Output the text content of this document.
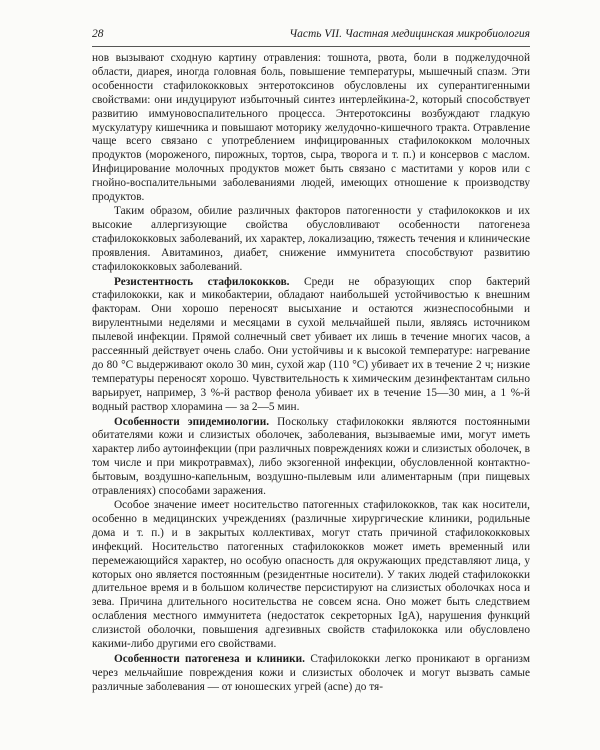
28	Часть VII. Частная медицинская микробиология

нов вызывают сходную картину отравления: тошнота, рвота, боли в поджелудочной области, диарея, иногда головная боль, повышение температуры, мышечный спазм. Эти особенности стафилококковых энтеротоксинов обусловлены их суперантигенными свойствами: они индуцируют избыточный синтез интерлейкина-2, который способствует развитию иммуновоспалительного процесса. Энтеротоксины возбуждают гладкую мускулатуру кишечника и повышают моторику желудочно-кишечного тракта. Отравление чаще всего связано с употреблением инфицированных стафилококком молочных продуктов (мороженого, пирожных, тортов, сыра, творога и т. п.) и консервов с маслом. Инфицирование молочных продуктов может быть связано с маститами у коров или с гнойно-воспалительными заболеваниями людей, имеющих отношение к производству продуктов.

Таким образом, обилие различных факторов патогенности у стафилококков и их высокие аллергизующие свойства обусловливают особенности патогенеза стафилококковых заболеваний, их характер, локализацию, тяжесть течения и клинические проявления. Авитаминоз, диабет, снижение иммунитета способствуют развитию стафилококковых заболеваний.

Резистентность стафилококков. Среди не образующих спор бактерий стафилококки, как и микобактерии, обладают наибольшей устойчивостью к внешним факторам. Они хорошо переносят высыхание и остаются жизнеспособными и вирулентными неделями и месяцами в сухой мельчайшей пыли, являясь источником пылевой инфекции. Прямой солнечный свет убивает их лишь в течение многих часов, а рассеянный действует очень слабо. Они устойчивы и к высокой температуре: нагревание до 80 °С выдерживают около 30 мин, сухой жар (110 °С) убивает их в течение 2 ч; низкие температуры переносят хорошо. Чувствительность к химическим дезинфектантам сильно варьирует, например, 3 %-й раствор фенола убивает их в течение 15—30 мин, а 1 %-й водный раствор хлорамина — за 2—5 мин.

Особенности эпидемиологии. Поскольку стафилококки являются постоянными обитателями кожи и слизистых оболочек, заболевания, вызываемые ими, могут иметь характер либо аутоинфекции (при различных повреждениях кожи и слизистых оболочек, в том числе и при микротравмах), либо экзогенной инфекции, обусловленной контактно-бытовым, воздушно-капельным, воздушно-пылевым или алиментарным (при пищевых отравлениях) способами заражения.

Особое значение имеет носительство патогенных стафилококков, так как носители, особенно в медицинских учреждениях (различные хирургические клиники, родильные дома и т. п.) и в закрытых коллективах, могут стать причиной стафилококковых инфекций. Носительство патогенных стафилококков может иметь временный или перемежающийся характер, но особую опасность для окружающих представляют лица, у которых оно является постоянным (резидентные носители). У таких людей стафилококки длительное время и в большом количестве персистируют на слизистых оболочках носа и зева. Причина длительного носительства не совсем ясна. Оно может быть следствием ослабления местного иммунитета (недостаток секреторных IgA), нарушения функций слизистой оболочки, повышения адгезивных свойств стафилококка или обусловлено какими-либо другими его свойствами.

Особенности патогенеза и клиники. Стафилококки легко проникают в организм через мельчайшие повреждения кожи и слизистых оболочек и могут вызвать самые различные заболевания — от юношеских угрей (acne) до тя-
